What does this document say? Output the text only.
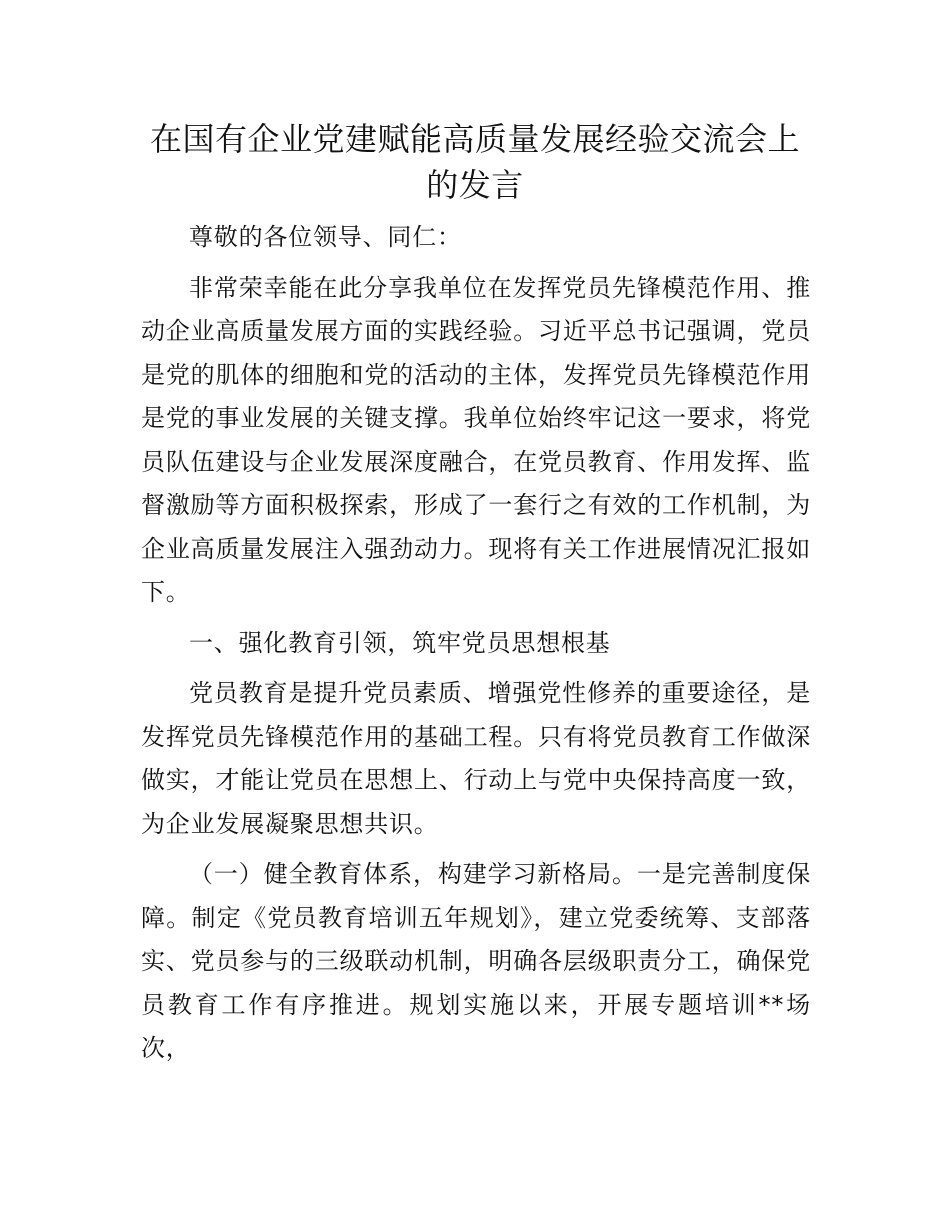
在国有企业党建赋能高质量发展经验交流会上的发言

尊敬的各位领导、同仁：

非常荣幸能在此分享我单位在发挥党员先锋模范作用、推动企业高质量发展方面的实践经验。习近平总书记强调，党员是党的肌体的细胞和党的活动的主体，发挥党员先锋模范作用是党的事业发展的关键支撑。我单位始终牢记这一要求，将党员队伍建设与企业发展深度融合，在党员教育、作用发挥、监督激励等方面积极探索，形成了一套行之有效的工作机制，为企业高质量发展注入强劲动力。现将有关工作进展情况汇报如下。

一、强化教育引领，筑牢党员思想根基

党员教育是提升党员素质、增强党性修养的重要途径，是发挥党员先锋模范作用的基础工程。只有将党员教育工作做深做实，才能让党员在思想上、行动上与党中央保持高度一致，为企业发展凝聚思想共识。

（一）健全教育体系，构建学习新格局。一是完善制度保障。制定《党员教育培训五年规划》，建立党委统筹、支部落实、党员参与的三级联动机制，明确各层级职责分工，确保党员教育工作有序推进。规划实施以来，开展专题培训**场次，
